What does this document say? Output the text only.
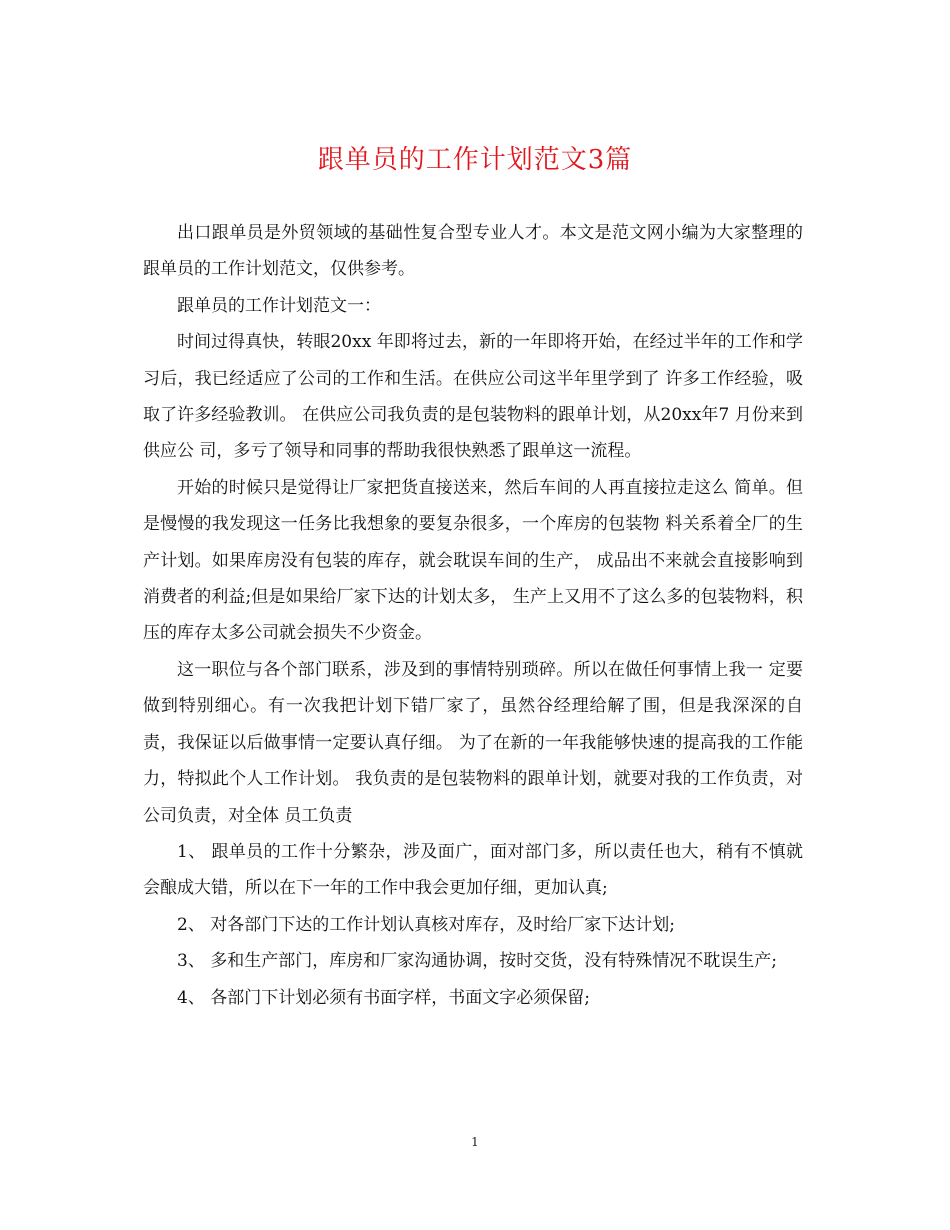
跟单员的工作计划范文3篇

出口跟单员是外贸领域的基础性复合型专业人才。本文是范文网小编为大家整理的跟单员的工作计划范文，仅供参考。

跟单员的工作计划范文一：

时间过得真快，转眼20xx 年即将过去，新的一年即将开始，在经过半年的工作和学习后，我已经适应了公司的工作和生活。在供应公司这半年里学到了 许多工作经验，吸取了许多经验教训。 在供应公司我负责的是包装物料的跟单计划，从20xx年7 月份来到供应公 司，多亏了领导和同事的帮助我很快熟悉了跟单这一流程。

开始的时候只是觉得让厂家把货直接送来，然后车间的人再直接拉走这么 简单。但是慢慢的我发现这一任务比我想象的要复杂很多，一个库房的包装物 料关系着全厂的生产计划。如果库房没有包装的库存，就会耽误车间的生产， 成品出不来就会直接影响到消费者的利益;但是如果给厂家下达的计划太多， 生产上又用不了这么多的包装物料，积压的库存太多公司就会损失不少资金。

这一职位与各个部门联系，涉及到的事情特别琐碎。所以在做任何事情上我一 定要做到特别细心。有一次我把计划下错厂家了，虽然谷经理给解了围，但是我深深的自责，我保证以后做事情一定要认真仔细。 为了在新的一年我能够快速的提高我的工作能力，特拟此个人工作计划。 我负责的是包装物料的跟单计划，就要对我的工作负责，对公司负责，对全体 员工负责

1、 跟单员的工作十分繁杂，涉及面广，面对部门多，所以责任也大，稍有不慎就会酿成大错，所以在下一年的工作中我会更加仔细，更加认真;

2、 对各部门下达的工作计划认真核对库存，及时给厂家下达计划;

3、 多和生产部门，库房和厂家沟通协调，按时交货，没有特殊情况不耽误生产;

4、 各部门下计划必须有书面字样，书面文字必须保留;

1
